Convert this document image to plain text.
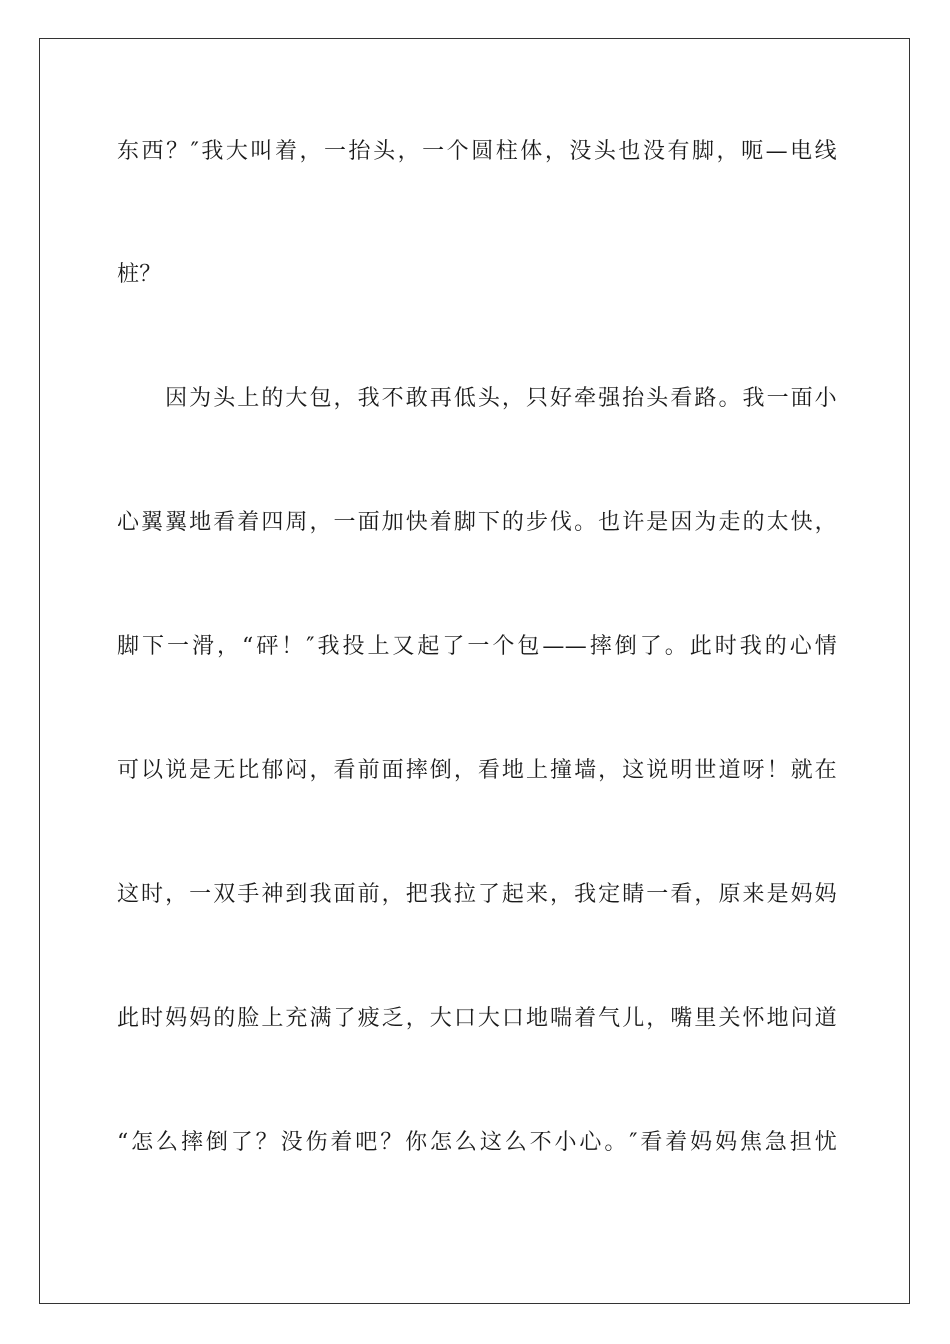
东西？″我大叫着，一抬头，一个圆柱体，没头也没有脚，呃—电线
桩？
　　因为头上的大包，我不敢再低头，只好牵强抬头看路。我一面小
心翼翼地看着四周，一面加快着脚下的步伐。也许是因为走的太快，
脚下一滑，“砰！″我投上又起了一个包——摔倒了。此时我的心情
可以说是无比郁闷，看前面摔倒，看地上撞墙，这说明世道呀！就在
这时，一双手神到我面前，把我拉了起来，我定睛一看，原来是妈妈
此时妈妈的脸上充满了疲乏，大口大口地喘着气儿，嘴里关怀地问道
“怎么摔倒了？没伤着吧？你怎么这么不小心。″看着妈妈焦急担忧
